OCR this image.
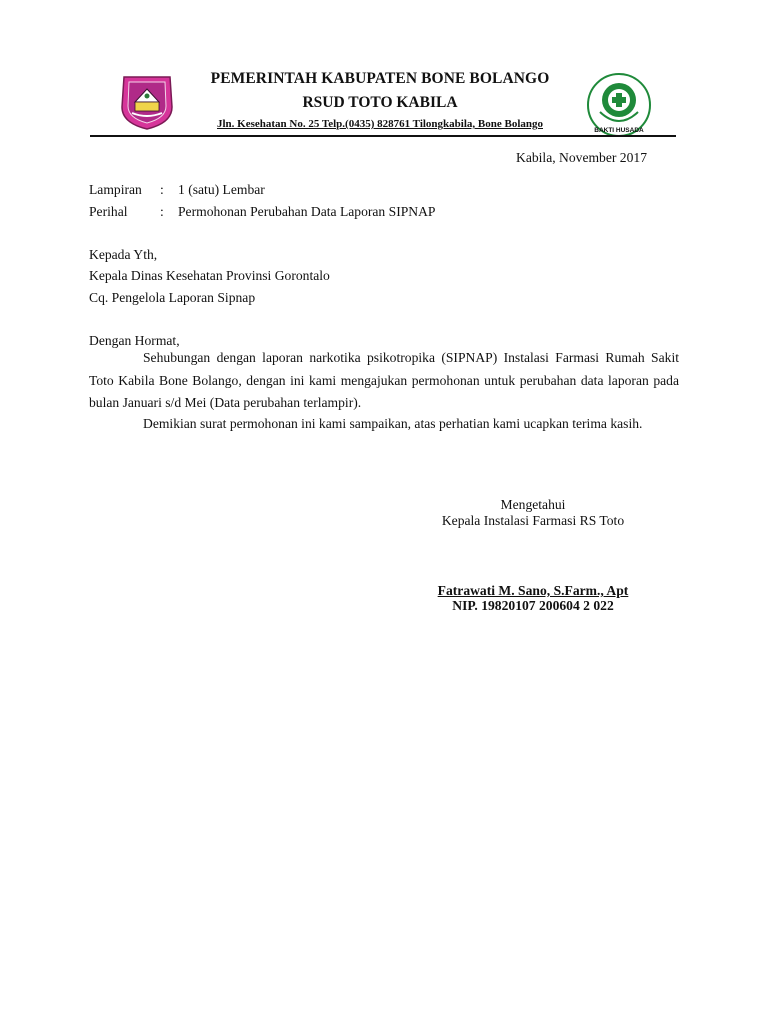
PEMERINTAH KABUPATEN BONE BOLANGO
RSUD TOTO KABILA
Jln. Kesehatan No. 25 Telp.(0435) 828761 Tilongkabila, Bone Bolango
BAKTI HUSADA
Kabila, November 2017
Lampiran : 1 (satu) Lembar
Perihal : Permohonan Perubahan Data Laporan SIPNAP
Kepada Yth,
Kepala Dinas Kesehatan Provinsi Gorontalo
Cq. Pengelola Laporan Sipnap
Dengan Hormat,
Sehubungan dengan laporan narkotika psikotropika (SIPNAP) Instalasi Farmasi Rumah Sakit Toto Kabila Bone Bolango, dengan ini kami mengajukan permohonan untuk perubahan data laporan pada bulan Januari s/d Mei (Data perubahan terlampir).
Demikian surat permohonan ini kami sampaikan, atas perhatian kami ucapkan terima kasih.
Mengetahui
Kepala Instalasi Farmasi RS Toto
Fatrawati M. Sano, S.Farm., Apt
NIP. 19820107 200604 2 022
